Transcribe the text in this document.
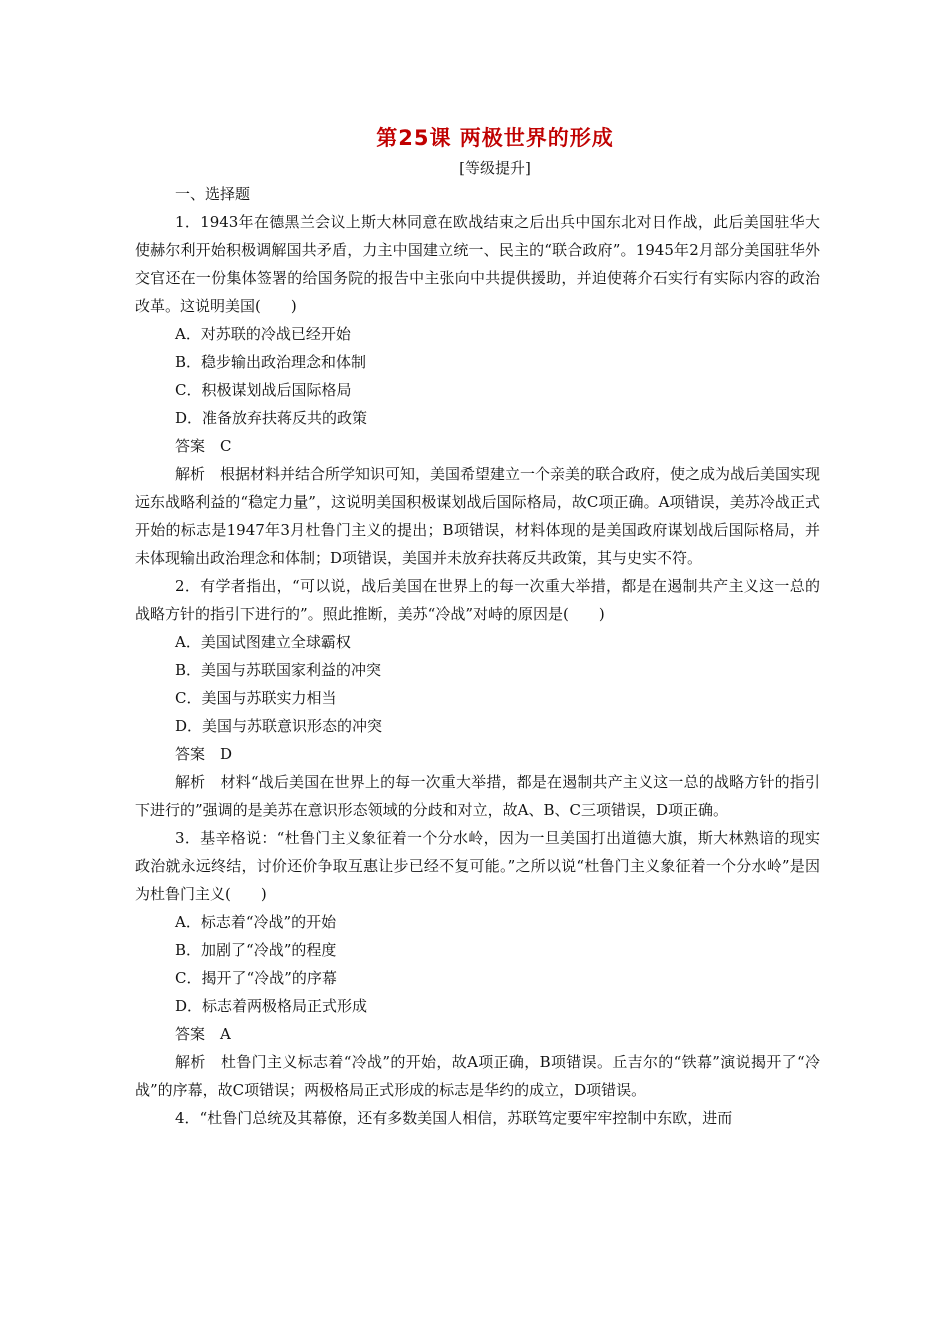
第25课 两极世界的形成
[等级提升]

一、选择题

1．1943年在德黑兰会议上斯大林同意在欧战结束之后出兵中国东北对日作战，此后美国驻华大使赫尔利开始积极调解国共矛盾，力主中国建立统一、民主的“联合政府”。1945年2月部分美国驻华外交官还在一份集体签署的给国务院的报告中主张向中共提供援助，并迫使蒋介石实行有实际内容的政治改革。这说明美国(　　)

A．对苏联的冷战已经开始

B．稳步输出政治理念和体制

C．积极谋划战后国际格局

D．准备放弃扶蒋反共的政策

答案　C

解析　根据材料并结合所学知识可知，美国希望建立一个亲美的联合政府，使之成为战后美国实现远东战略利益的“稳定力量”，这说明美国积极谋划战后国际格局，故C项正确。A项错误，美苏冷战正式开始的标志是1947年3月杜鲁门主义的提出；B项错误，材料体现的是美国政府谋划战后国际格局，并未体现输出政治理念和体制；D项错误，美国并未放弃扶蒋反共政策，其与史实不符。

2．有学者指出，“可以说，战后美国在世界上的每一次重大举措，都是在遏制共产主义这一总的战略方针的指引下进行的”。照此推断，美苏“冷战”对峙的原因是(　　)

A．美国试图建立全球霸权

B．美国与苏联国家利益的冲突

C．美国与苏联实力相当

D．美国与苏联意识形态的冲突

答案　D

解析　材料“战后美国在世界上的每一次重大举措，都是在遏制共产主义这一总的战略方针的指引下进行的”强调的是美苏在意识形态领域的分歧和对立，故A、B、C三项错误，D项正确。

3．基辛格说：“杜鲁门主义象征着一个分水岭，因为一旦美国打出道德大旗，斯大林熟谙的现实政治就永远终结，讨价还价争取互惠让步已经不复可能。”之所以说“杜鲁门主义象征着一个分水岭”是因为杜鲁门主义(　　)

A．标志着“冷战”的开始

B．加剧了“冷战”的程度

C．揭开了“冷战”的序幕

D．标志着两极格局正式形成

答案　A

解析　杜鲁门主义标志着“冷战”的开始，故A项正确，B项错误。丘吉尔的“铁幕”演说揭开了“冷战”的序幕，故C项错误；两极格局正式形成的标志是华约的成立，D项错误。

4．“杜鲁门总统及其幕僚，还有多数美国人相信，苏联笃定要牢牢控制中东欧，进而
